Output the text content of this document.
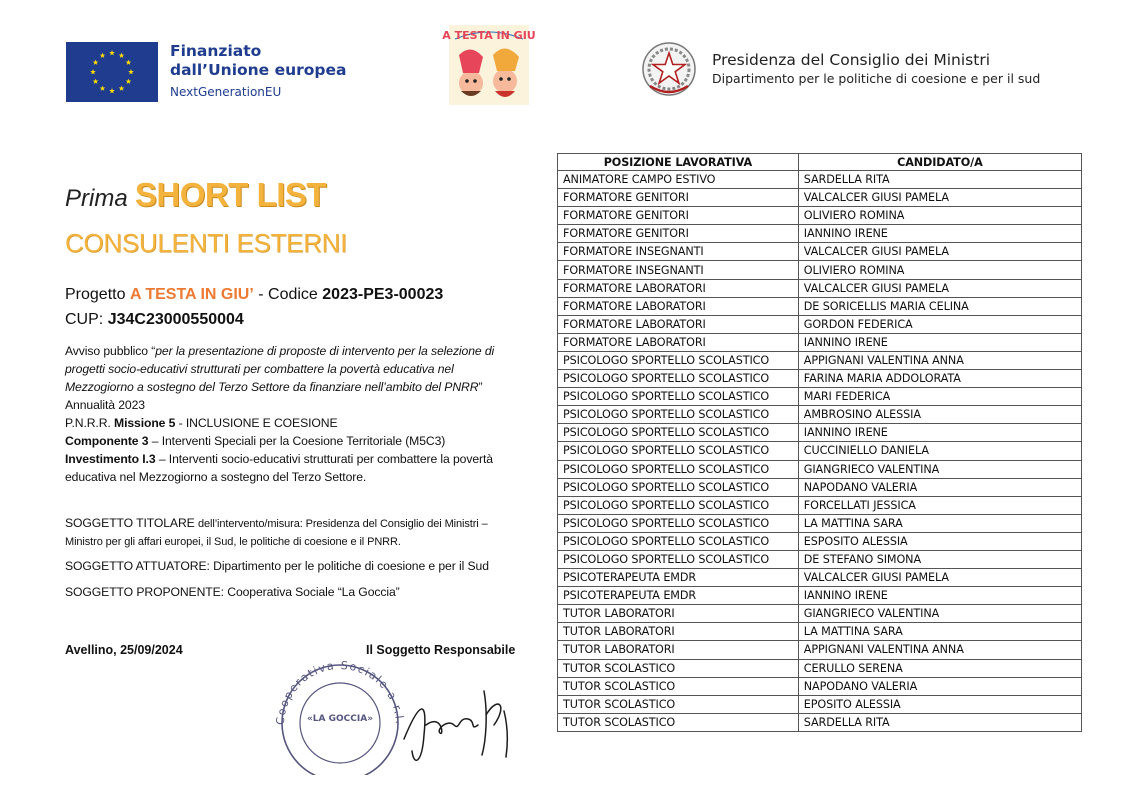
Finanziato
dall’Unione europea
NextGenerationEU
A TESTA IN GIU
Presidenza del Consiglio dei Ministri
Dipartimento per le politiche di coesione e per il sud
Prima SHORT LIST
CONSULENTI ESTERNI
Progetto A TESTA IN GIU’ - Codice 2023-PE3-00023
CUP: J34C23000550004
Avviso pubblico “per la presentazione di proposte di intervento per la selezione di
progetti socio-educativi strutturati per combattere la povertà educativa nel
Mezzogiorno a sostegno del Terzo Settore da finanziare nell’ambito del PNRR”
Annualità 2023
P.N.R.R. Missione 5 - INCLUSIONE E COESIONE
Componente 3 – Interventi Speciali per la Coesione Territoriale (M5C3)
Investimento I.3 – Interventi socio-educativi strutturati per combattere la povertà
educativa nel Mezzogiorno a sostegno del Terzo Settore.
SOGGETTO TITOLARE dell’intervento/misura: Presidenza del Consiglio dei Ministri –
Ministro per gli affari europei, il Sud, le politiche di coesione e il PNRR.
SOGGETTO ATTUATORE: Dipartimento per le politiche di coesione e per il Sud
SOGGETTO PROPONENTE: Cooperativa Sociale “La Goccia”
Avellino, 25/09/2024	Il Soggetto Responsabile
Cooperativa Sociale a r.l.
«LA GOCCIA»
POSIZIONE LAVORATIVA	CANDIDATO/A
ANIMATORE CAMPO ESTIVO	SARDELLA RITA
FORMATORE GENITORI	VALCALCER GIUSI PAMELA
FORMATORE GENITORI	OLIVIERO ROMINA
FORMATORE GENITORI	IANNINO IRENE
FORMATORE INSEGNANTI	VALCALCER GIUSI PAMELA
FORMATORE INSEGNANTI	OLIVIERO ROMINA
FORMATORE LABORATORI	VALCALCER GIUSI PAMELA
FORMATORE LABORATORI	DE SORICELLIS MARIA CELINA
FORMATORE LABORATORI	GORDON FEDERICA
FORMATORE LABORATORI	IANNINO IRENE
PSICOLOGO SPORTELLO SCOLASTICO	APPIGNANI VALENTINA ANNA
PSICOLOGO SPORTELLO SCOLASTICO	FARINA MARIA ADDOLORATA
PSICOLOGO SPORTELLO SCOLASTICO	MARI FEDERICA
PSICOLOGO SPORTELLO SCOLASTICO	AMBROSINO ALESSIA
PSICOLOGO SPORTELLO SCOLASTICO	IANNINO IRENE
PSICOLOGO SPORTELLO SCOLASTICO	CUCCINIELLO DANIELA
PSICOLOGO SPORTELLO SCOLASTICO	GIANGRIECO VALENTINA
PSICOLOGO SPORTELLO SCOLASTICO	NAPODANO VALERIA
PSICOLOGO SPORTELLO SCOLASTICO	FORCELLATI JESSICA
PSICOLOGO SPORTELLO SCOLASTICO	LA MATTINA SARA
PSICOLOGO SPORTELLO SCOLASTICO	ESPOSITO ALESSIA
PSICOLOGO SPORTELLO SCOLASTICO	DE STEFANO SIMONA
PSICOTERAPEUTA EMDR	VALCALCER GIUSI PAMELA
PSICOTERAPEUTA EMDR	IANNINO IRENE
TUTOR LABORATORI	GIANGRIECO VALENTINA
TUTOR LABORATORI	LA MATTINA SARA
TUTOR LABORATORI	APPIGNANI VALENTINA ANNA
TUTOR SCOLASTICO	CERULLO SERENA
TUTOR SCOLASTICO	NAPODANO VALERIA
TUTOR SCOLASTICO	EPOSITO ALESSIA
TUTOR SCOLASTICO	SARDELLA RITA
